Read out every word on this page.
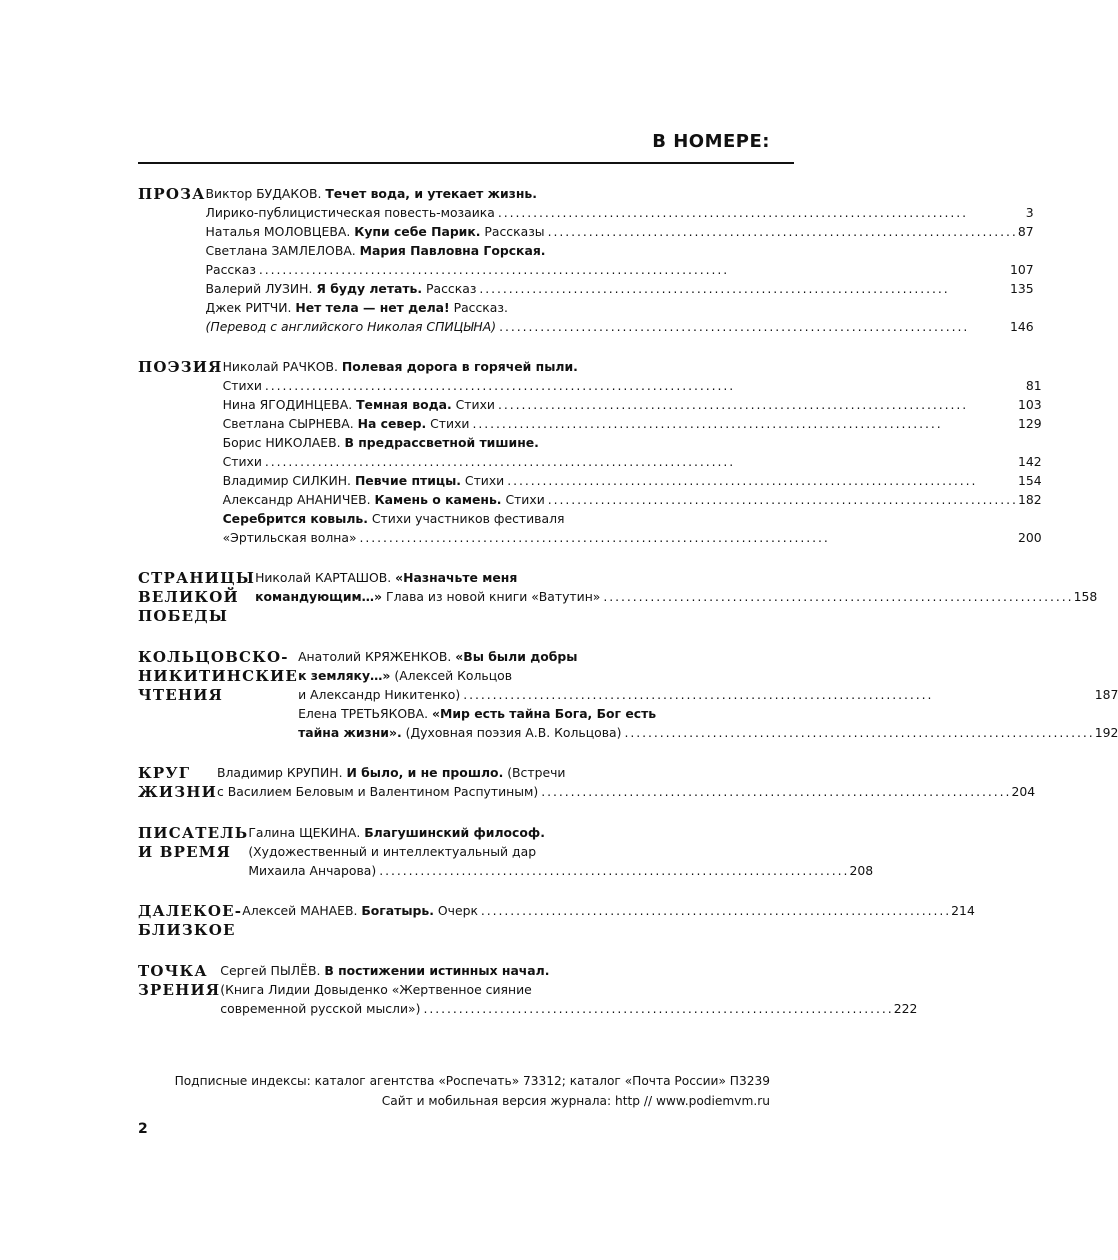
В НОМЕРЕ:
ПРОЗА Виктор БУДАКОВ. Течет вода, и утекает жизнь.
Лирико-публицистическая повесть-мозаика . . .	3
Наталья МОЛОВЦЕВА. Купи себе Парик. Рассказы . . .	87
Светлана ЗАМЛЕЛОВА. Мария Павловна Горская.
Рассказ . . .	107
Валерий ЛУЗИН. Я буду летать. Рассказ . . .	135
Джек РИТЧИ. Нет тела — нет дела! Рассказ.
(Перевод с английского Николая СПИЦЫНА) . . .	146
ПОЭЗИЯ Николай РАЧКОВ. Полевая дорога в горячей пыли.
Стихи . . .	81
Нина ЯГОДИНЦЕВА. Темная вода. Стихи . . .	103
Светлана СЫРНЕВА. На север. Стихи . . .	129
Борис НИКОЛАЕВ. В предрассветной тишине.
Стихи . . .	142
Владимир СИЛКИН. Певчие птицы. Стихи . . .	154
Александр АНАНИЧЕВ. Камень о камень. Стихи . . .	182
Серебрится ковыль. Стихи участников фестиваля
«Эртильская волна» . . .	200
СТРАНИЦЫ
ВЕЛИКОЙ ПОБЕДЫ
Николай КАРТАШОВ. «Назначьте меня
командующим…» Глава из новой книги «Ватутин» . . .	158
КОЛЬЦОВСКО-
НИКИТИНСКИЕ
ЧТЕНИЯ
Анатолий КРЯЖЕНКОВ. «Вы были добры
к земляку…» (Алексей Кольцов
и Александр Никитенко) . . .	187
Елена ТРЕТЬЯКОВА. «Мир есть тайна Бога, Бог есть
тайна жизни». (Духовная поэзия А.В. Кольцова) . . .	192
КРУГ ЖИЗНИ
Владимир КРУПИН. И было, и не прошло. (Встречи
с Василием Беловым и Валентином Распутиным) . . .	204
ПИСАТЕЛЬ
И ВРЕМЯ
Галина ЩЕКИНА. Благушинский философ.
(Художественный и интеллектуальный дар
Михаила Анчарова) . . .	208
ДАЛЕКОЕ-БЛИЗКОЕ
Алексей МАНАЕВ. Богатырь. Очерк . . .	214
ТОЧКА ЗРЕНИЯ
Сергей ПЫЛЁВ. В постижении истинных начал.
(Книга Лидии Довыденко «Жертвенное сияние
современной русской мысли») . . .	222
Подписные индексы: каталог агентства «Роспечать» 73312; каталог «Почта России» П3239
Сайт и мобильная версия журнала: http // www.podiemvm.ru
2
